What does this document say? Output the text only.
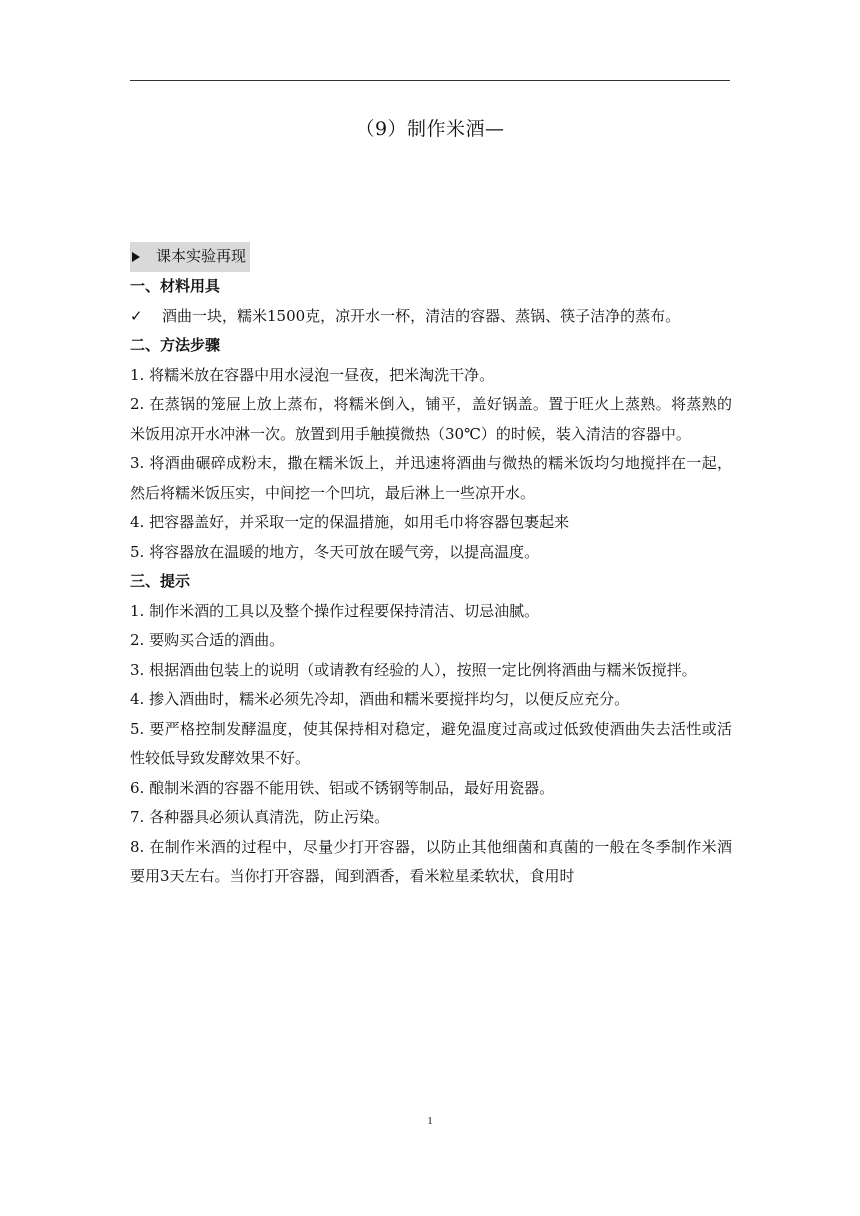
（9）制作米酒—

课本实验再现

一、材料用具

✓ 酒曲一块，糯米1500克，凉开水一杯，清洁的容器、蒸锅、筷子洁净的蒸布。

二、方法步骤

1. 将糯米放在容器中用水浸泡一昼夜，把米淘洗干净。

2. 在蒸锅的笼屉上放上蒸布，将糯米倒入，铺平，盖好锅盖。置于旺火上蒸熟。将蒸熟的米饭用凉开水冲淋一次。放置到用手触摸微热（30℃）的时候，装入清洁的容器中。

3. 将酒曲碾碎成粉末，撒在糯米饭上，并迅速将酒曲与微热的糯米饭均匀地搅拌在一起，然后将糯米饭压实，中间挖一个凹坑，最后淋上一些凉开水。

4. 把容器盖好，并采取一定的保温措施，如用毛巾将容器包裹起来

5. 将容器放在温暖的地方，冬天可放在暖气旁，以提高温度。

三、提示

1. 制作米酒的工具以及整个操作过程要保持清洁、切忌油腻。

2. 要购买合适的酒曲。

3. 根据酒曲包装上的说明（或请教有经验的人），按照一定比例将酒曲与糯米饭搅拌。

4. 掺入酒曲时，糯米必须先冷却，酒曲和糯米要搅拌均匀，以便反应充分。

5. 要严格控制发酵温度，使其保持相对稳定，避免温度过高或过低致使酒曲失去活性或活性较低导致发酵效果不好。

6. 酿制米酒的容器不能用铁、铝或不锈钢等制品，最好用瓷器。

7. 各种器具必须认真清洗，防止污染。

8. 在制作米酒的过程中，尽量少打开容器，以防止其他细菌和真菌的一般在冬季制作米酒要用3天左右。当你打开容器，闻到酒香，看米粒星柔软状，食用时

1
